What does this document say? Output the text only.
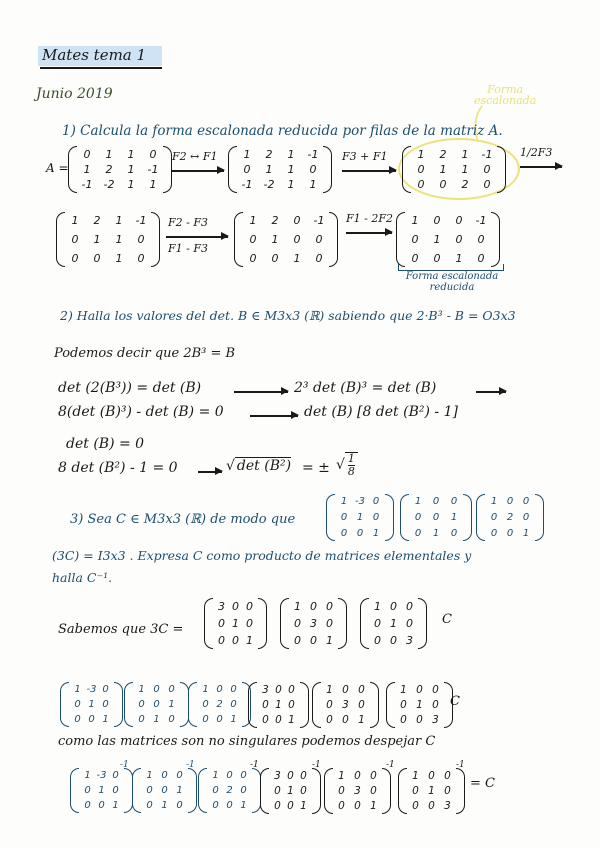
Mates tema 1
Junio 2019	Forma
escalonada
1) Calcula la forma escalonada reducida por filas de la matriz A.
A =
0	1	1	0
1	2	1	-1
-1 -2	1	1
F2 ↔ F1	1	2	1	-1
0	1	1	0
-1 -2	1	1
F3 + F1	1	2	1	-1
0	1	1	0
0	0	2	0
1/2F3
1	2	1	-1
0	1	1	0
0	0	1	0
F2 - F3
F1 - F3
1	2	0	-1
0	1	0	0
0	0	1	0
F1 - 2F2	1	0	0	-1
0	1	0	0
0	0	1	0
Forma escalonada
reducida
2) Halla los valores del det. B ∈ M3x3 (ℝ) sabiendo que 2·B³ - B = O3x3
Podemos decir que 2B³ = B
det (2(B³)) = det (B)	2³ det (B)³ = det (B)
8(det (B)³) - det (B) = 0	det (B) [8 det (B²) - 1]
det (B) = 0
8 det (B²) - 1 = 0	√ det (B²) = ± √ $\frac{1}{8}$
3) Sea C ∈ M3x3 (ℝ) de modo que
1 -3 0
0 1 0
0 0 1
1 0 0
0 0 1
0 1 0
1 0 0
0 2 0
0 0 1
(3C) = I3x3 . Expresa C como producto de matrices elementales y
halla C⁻¹.
Sabemos que 3C =
3 0 0
0 1 0
0 0 1
1 0 0
0 3 0
0 0 1
1 0 0
0 1 0
0 0 3
C
1 -3 0
0 1 0
0 0 1
1 0 0
0 0 1
0 1 0
1 0 0
0 2 0
0 0 1
3 0 0
0 1 0
0 0 1
1 0 0
0 3 0
0 0 1
1 0 0
0 1 0
0 0 3
C
como las matrices son no singulares podemos despejar C
1 -3 0
0 1 0
0 0 1
-1
1 0 0
0 0 1
0 1 0
-1
1 0 0
0 2 0
0 0 1
-1
3 0 0
0 1 0
0 0 1
-1
1 0 0
0 3 0
0 0 1
-1
1 0 0
0 1 0
0 0 3
-1
= C
